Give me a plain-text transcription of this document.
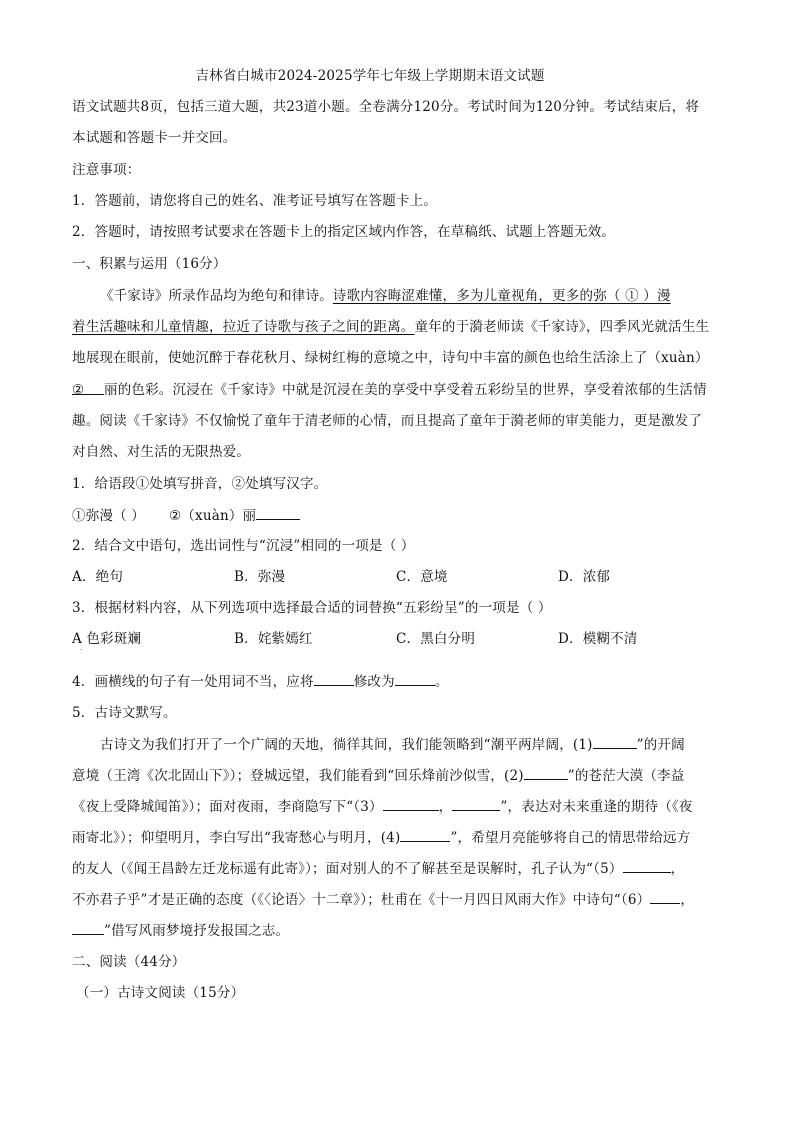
吉林省白城市2024-2025学年七年级上学期期末语文试题
语文试题共8页，包括三道大题，共23道小题。全卷满分120分。考试时间为120分钟。考试结束后，将
本试题和答题卡一并交回。
注意事项：
1．答题前，请您将自己的姓名、准考证号填写在答题卡上。
2．答题时，请按照考试要求在答题卡上的指定区域内作答，在草稿纸、试题上答题无效。
一、积累与运用（16分）
《千家诗》所录作品均为绝句和律诗。诗歌内容晦涩难懂，多为儿童视角，更多的弥（ ① ）漫
着生活趣味和儿童情趣，拉近了诗歌与孩子之间的距离。童年的于漪老师读《千家诗》，四季风光就活生生
地展现在眼前，使她沉醉于春花秋月、绿树红梅的意境之中，诗句中丰富的颜色也给生活涂上了（xuàn）
② 丽的色彩。沉浸在《千家诗》中就是沉浸在美的享受中享受着五彩纷呈的世界，享受着浓郁的生活情
趣。阅读《千家诗》不仅愉悦了童年于清老师的心情，而且提高了童年于漪老师的审美能力，更是激发了
对自然、对生活的无限热爱。
1．给语段①处填写拼音，②处填写汉字。
①弥漫（ ） ②（xuàn）丽
2．结合文中语句，选出词性与“沉浸”相同的一项是（ ）
A．绝句	B．弥漫	C．意境	D．浓郁
3．根据材料内容，从下列选项中选择最合适的词替换“五彩纷呈”的一项是（ ）
A 色彩斑斓	B．姹紫嫣红	C．黑白分明	D．模糊不清
·
4．画横线的句子有一处用词不当，应将	修改为	。
5．古诗文默写。
古诗文为我们打开了一个广阔的天地，徜徉其间，我们能领略到“潮平两岸阔，(1)	”的开阔
意境（王湾《次北固山下》）；登城远望，我们能看到“回乐烽前沙似雪，(2)	”的苍茫大漠（李益
《夜上受降城闻笛》）；面对夜雨，李商隐写下“（3）	，	”，表达对未来重逢的期待（《夜
雨寄北》）；仰望明月，李白写出“我寄愁心与明月，(4)	”，希望月亮能够将自己的情思带给远方
的友人（《闻王昌龄左迁龙标遥有此寄》）；面对别人的不了解甚至是误解时，孔子认为“（5）	，
不亦君子乎”才是正确的态度（《〈论语〉十二章》）；杜甫在《十一月四日风雨大作》中诗句“（6） ，
”借写风雨梦境抒发报国之志。
二、阅读（44分）
（一）古诗文阅读（15分）
